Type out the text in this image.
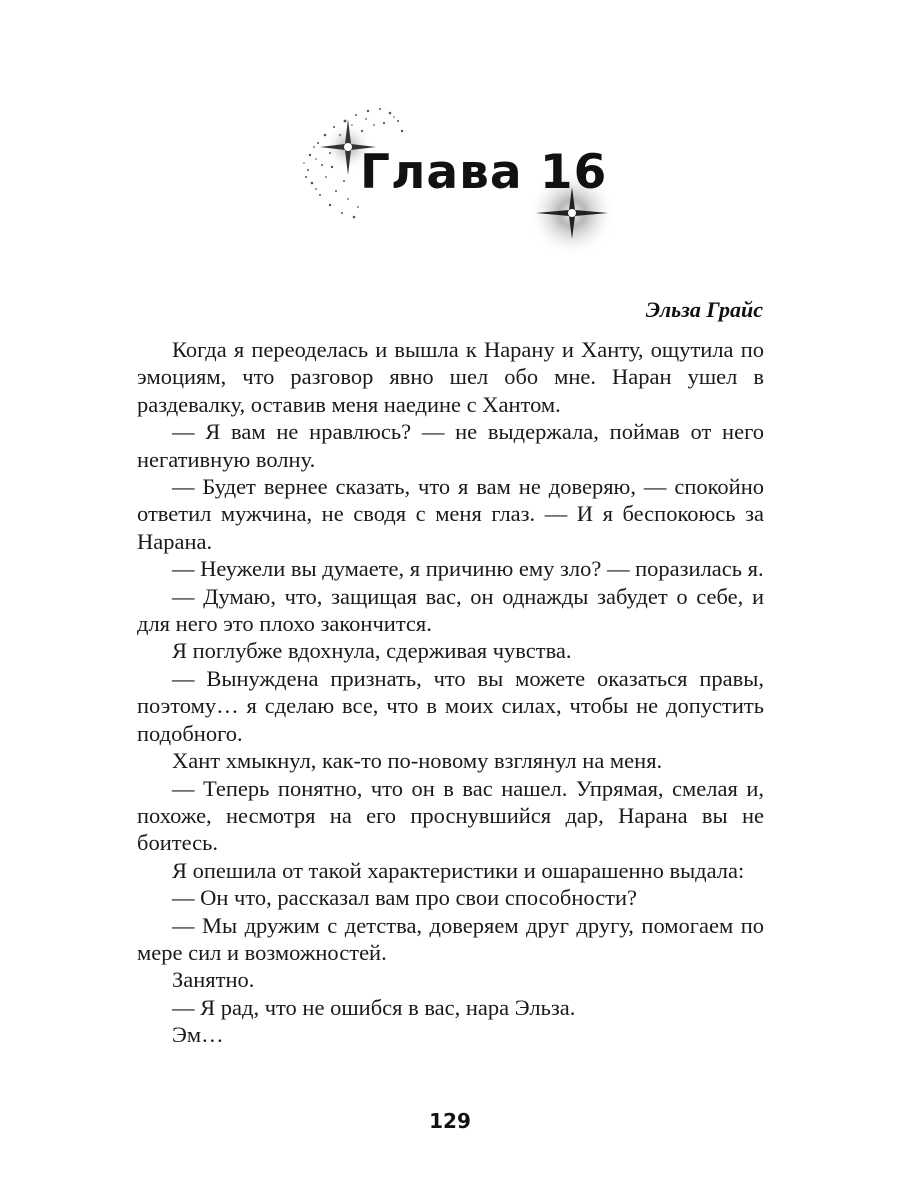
Глава 16

Эльза Грайс

Когда я переоделась и вышла к Нарану и Ханту, ощутила по эмоциям, что разговор явно шел обо мне. Наран ушел в раздевалку, оставив меня наедине с Хантом.

— Я вам не нравлюсь? — не выдержала, поймав от него негативную волну.

— Будет вернее сказать, что я вам не доверяю, — спокойно ответил мужчина, не сводя с меня глаз. — И я беспокоюсь за Нарана.

— Неужели вы думаете, я причиню ему зло? — поразилась я.

— Думаю, что, защищая вас, он однажды забудет о себе, и для него это плохо закончится.

Я поглубже вдохнула, сдерживая чувства.

— Вынуждена признать, что вы можете оказаться правы, поэтому… я сделаю все, что в моих силах, чтобы не допустить подобного.

Хант хмыкнул, как-то по-новому взглянул на меня.

— Теперь понятно, что он в вас нашел. Упрямая, смелая и, похоже, несмотря на его проснувшийся дар, Нарана вы не боитесь.

Я опешила от такой характеристики и ошарашенно выдала:

— Он что, рассказал вам про свои способности?

— Мы дружим с детства, доверяем друг другу, помогаем по мере сил и возможностей.

Занятно.

— Я рад, что не ошибся в вас, нара Эльза.

Эм…

129
